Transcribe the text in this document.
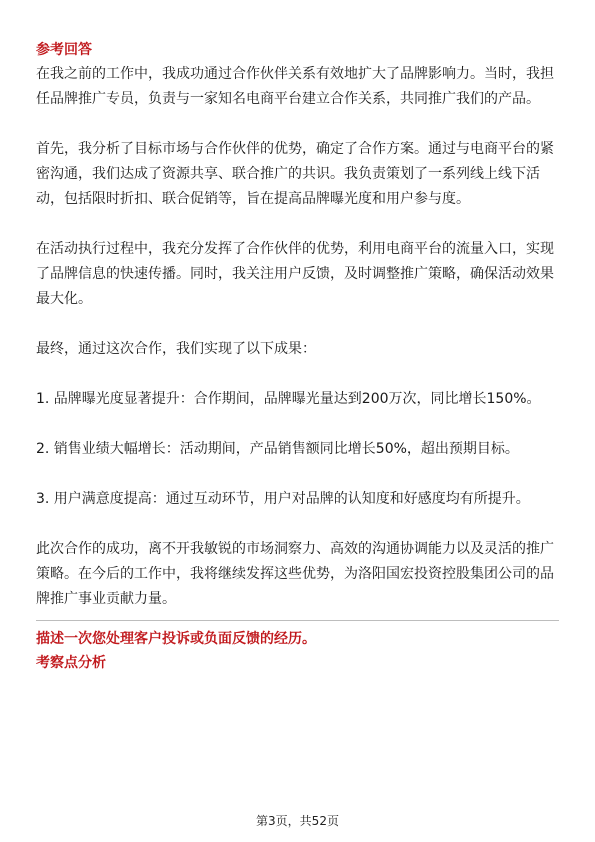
参考回答

在我之前的工作中，我成功通过合作伙伴关系有效地扩大了品牌影响力。当时，我担任品牌推广专员，负责与一家知名电商平台建立合作关系，共同推广我们的产品。

首先，我分析了目标市场与合作伙伴的优势，确定了合作方案。通过与电商平台的紧密沟通，我们达成了资源共享、联合推广的共识。我负责策划了一系列线上线下活动，包括限时折扣、联合促销等，旨在提高品牌曝光度和用户参与度。

在活动执行过程中，我充分发挥了合作伙伴的优势，利用电商平台的流量入口，实现了品牌信息的快速传播。同时，我关注用户反馈，及时调整推广策略，确保活动效果最大化。

最终，通过这次合作，我们实现了以下成果：

1. 品牌曝光度显著提升：合作期间，品牌曝光量达到200万次，同比增长150%。

2. 销售业绩大幅增长：活动期间，产品销售额同比增长50%，超出预期目标。

3. 用户满意度提高：通过互动环节，用户对品牌的认知度和好感度均有所提升。

此次合作的成功，离不开我敏锐的市场洞察力、高效的沟通协调能力以及灵活的推广策略。在今后的工作中，我将继续发挥这些优势，为洛阳国宏投资控股集团公司的品牌推广事业贡献力量。

描述一次您处理客户投诉或负面反馈的经历。

考察点分析

第3页，共52页
